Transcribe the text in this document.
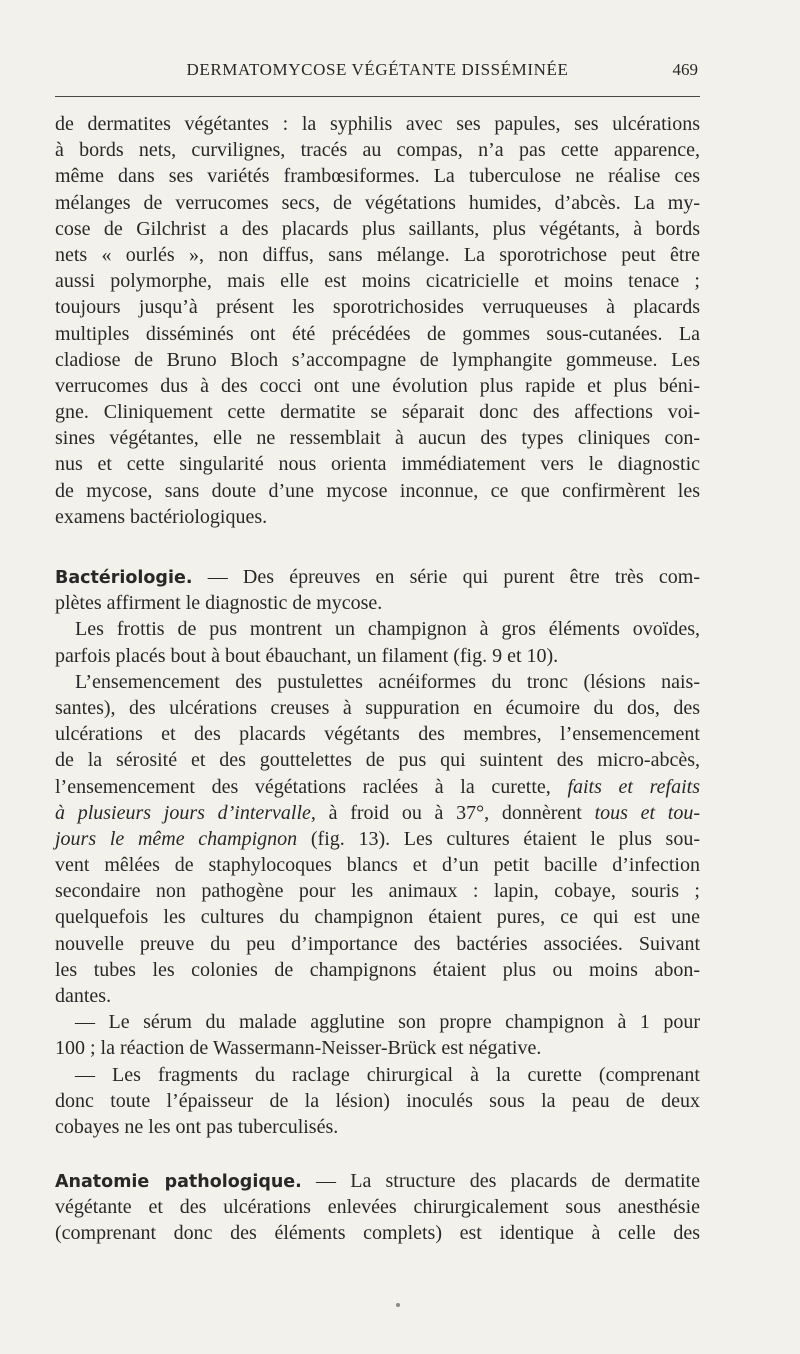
DERMATOMYCOSE VÉGÉTANTE DISSÉMINÉE	469
de dermatites végétantes : la syphilis avec ses papules, ses ulcérations
à bords nets, curvilignes, tracés au compas, n’a pas cette apparence,
même dans ses variétés frambœsiformes. La tuberculose ne réalise ces
mélanges de verrucomes secs, de végétations humides, d’abcès. La my-
cose de Gilchrist a des placards plus saillants, plus végétants, à bords
nets « ourlés », non diffus, sans mélange. La sporotrichose peut être
aussi polymorphe, mais elle est moins cicatricielle et moins tenace ;
toujours jusqu’à présent les sporotrichosides verruqueuses à placards
multiples disséminés ont été précédées de gommes sous-cutanées. La
cladiose de Bruno Bloch s’accompagne de lymphangite gommeuse. Les
verrucomes dus à des cocci ont une évolution plus rapide et plus béni-
gne. Cliniquement cette dermatite se séparait donc des affections voi-
sines végétantes, elle ne ressemblait à aucun des types cliniques con-
nus et cette singularité nous orienta immédiatement vers le diagnostic
de mycose, sans doute d’une mycose inconnue, ce que confirmèrent les
examens bactériologiques.
Bactériologie. — Des épreuves en série qui purent être très com-
plètes affirment le diagnostic de mycose.
Les frottis de pus montrent un champignon à gros éléments ovoïdes,
parfois placés bout à bout ébauchant, un filament (fig. 9 et 10).
L’ensemencement des pustulettes acnéiformes du tronc (lésions nais-
santes), des ulcérations creuses à suppuration en écumoire du dos, des
ulcérations et des placards végétants des membres, l’ensemencement
de la sérosité et des gouttelettes de pus qui suintent des micro-abcès,
l’ensemencement des végétations raclées à la curette, faits et refaits
à plusieurs jours d’intervalle, à froid ou à 37°, donnèrent tous et tou-
jours le même champignon (fig. 13). Les cultures étaient le plus sou-
vent mêlées de staphylocoques blancs et d’un petit bacille d’infection
secondaire non pathogène pour les animaux : lapin, cobaye, souris ;
quelquefois les cultures du champignon étaient pures, ce qui est une
nouvelle preuve du peu d’importance des bactéries associées. Suivant
les tubes les colonies de champignons étaient plus ou moins abon-
dantes.
— Le sérum du malade agglutine son propre champignon à 1 pour
100 ; la réaction de Wassermann-Neisser-Brück est négative.
— Les fragments du raclage chirurgical à la curette (comprenant
donc toute l’épaisseur de la lésion) inoculés sous la peau de deux
cobayes ne les ont pas tuberculisés.
Anatomie pathologique. — La structure des placards de dermatite
végétante et des ulcérations enlevées chirurgicalement sous anesthésie
(comprenant donc des éléments complets) est identique à celle des
